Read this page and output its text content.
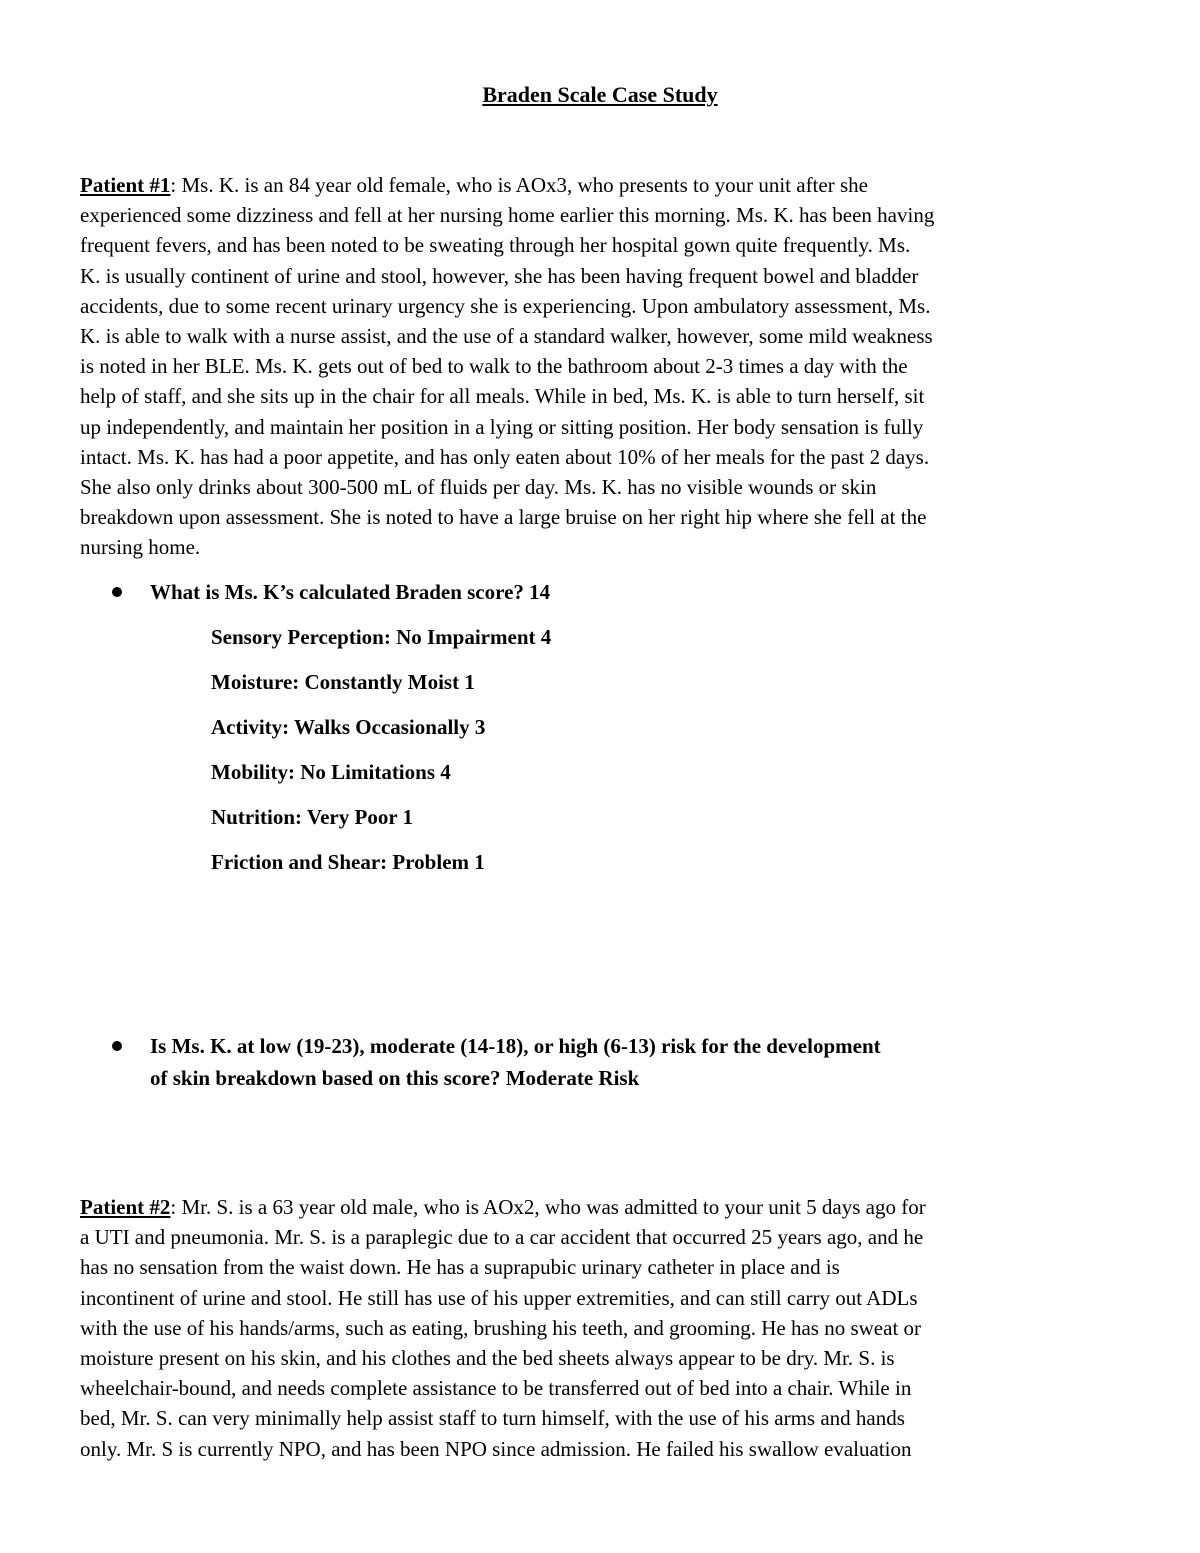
Braden Scale Case Study
Patient #1: Ms. K. is an 84 year old female, who is AOx3, who presents to your unit after she
experienced some dizziness and fell at her nursing home earlier this morning. Ms. K. has been having
frequent fevers, and has been noted to be sweating through her hospital gown quite frequently. Ms.
K. is usually continent of urine and stool, however, she has been having frequent bowel and bladder
accidents, due to some recent urinary urgency she is experiencing. Upon ambulatory assessment, Ms.
K. is able to walk with a nurse assist, and the use of a standard walker, however, some mild weakness
is noted in her BLE. Ms. K. gets out of bed to walk to the bathroom about 2-3 times a day with the
help of staff, and she sits up in the chair for all meals. While in bed, Ms. K. is able to turn herself, sit
up independently, and maintain her position in a lying or sitting position. Her body sensation is fully
intact. Ms. K. has had a poor appetite, and has only eaten about 10% of her meals for the past 2 days.
She also only drinks about 300-500 mL of fluids per day. Ms. K. has no visible wounds or skin
breakdown upon assessment. She is noted to have a large bruise on her right hip where she fell at the
nursing home.
What is Ms. K’s calculated Braden score? 14
Sensory Perception: No Impairment 4
Moisture: Constantly Moist 1
Activity: Walks Occasionally 3
Mobility: No Limitations 4
Nutrition: Very Poor 1
Friction and Shear: Problem 1
Is Ms. K. at low (19-23), moderate (14-18), or high (6-13) risk for the development
of skin breakdown based on this score? Moderate Risk
Patient #2: Mr. S. is a 63 year old male, who is AOx2, who was admitted to your unit 5 days ago for
a UTI and pneumonia. Mr. S. is a paraplegic due to a car accident that occurred 25 years ago, and he
has no sensation from the waist down. He has a suprapubic urinary catheter in place and is
incontinent of urine and stool. He still has use of his upper extremities, and can still carry out ADLs
with the use of his hands/arms, such as eating, brushing his teeth, and grooming. He has no sweat or
moisture present on his skin, and his clothes and the bed sheets always appear to be dry. Mr. S. is
wheelchair-bound, and needs complete assistance to be transferred out of bed into a chair. While in
bed, Mr. S. can very minimally help assist staff to turn himself, with the use of his arms and hands
only. Mr. S is currently NPO, and has been NPO since admission. He failed his swallow evaluation
